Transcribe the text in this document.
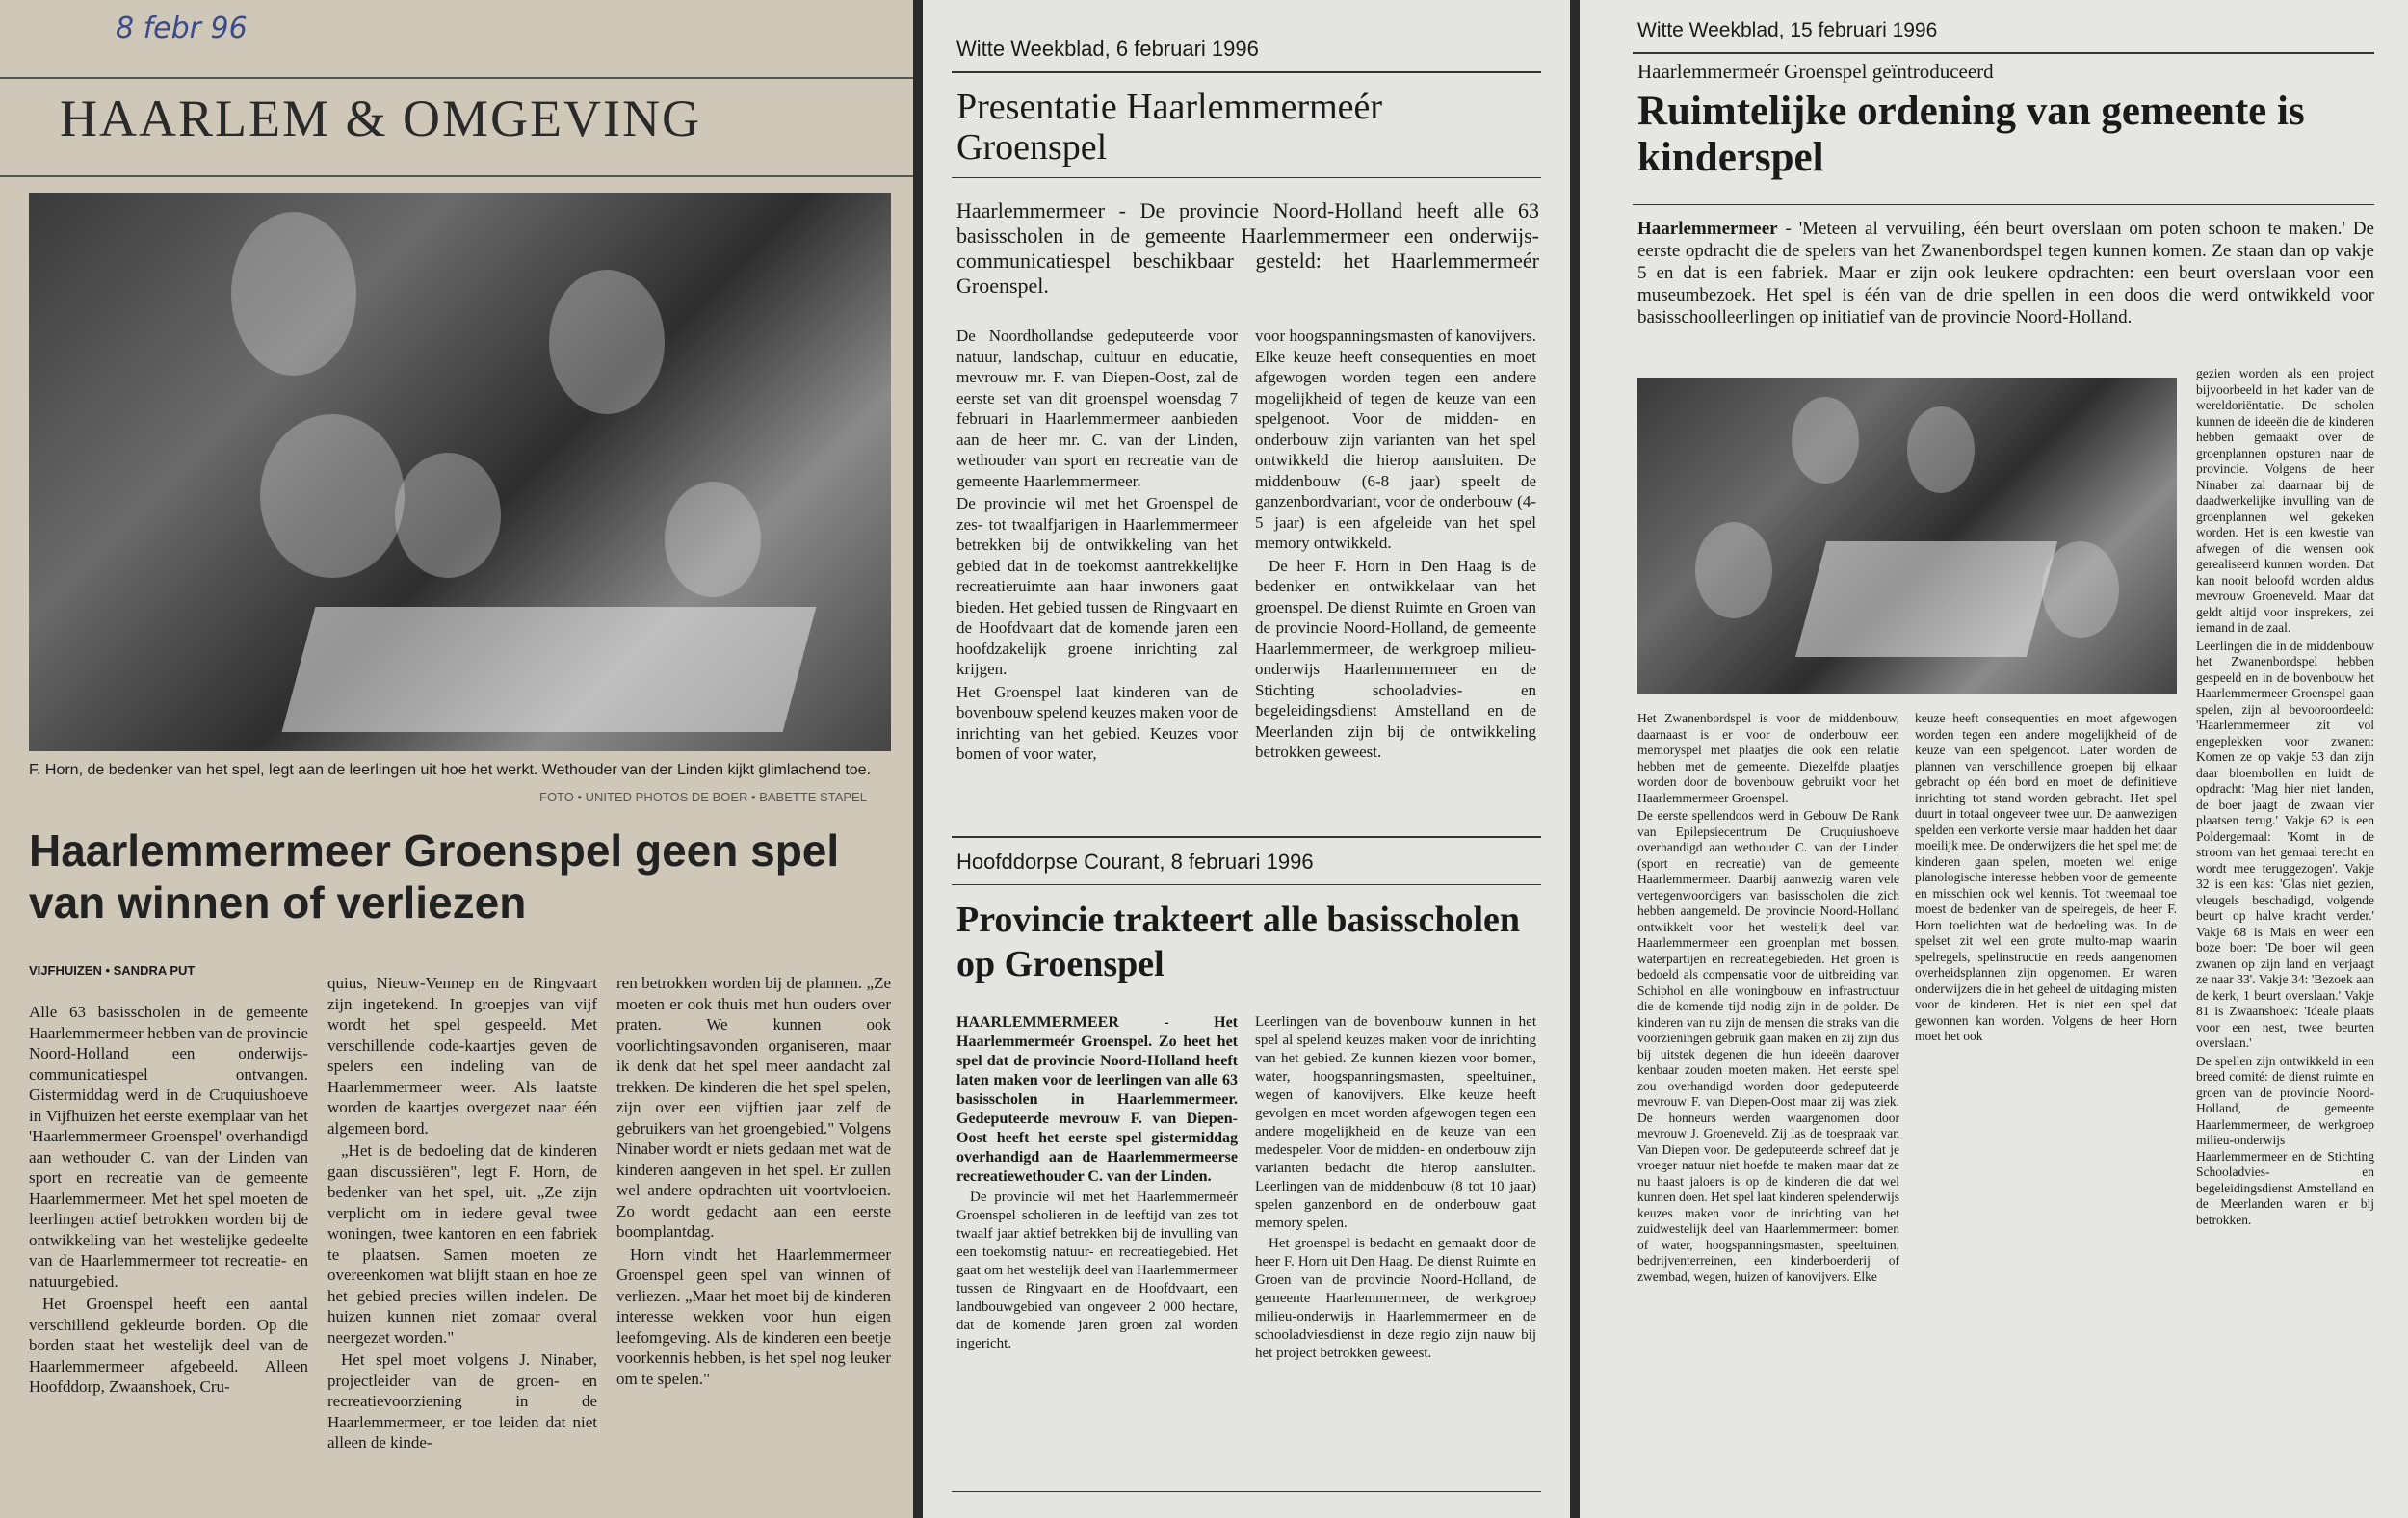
8 febr 96
HAARLEM & OMGEVING
F. Horn, de bedenker van het spel, legt aan de leerlingen uit hoe het werkt. Wethouder van der Linden kijkt glimlachend toe.
FOTO • UNITED PHOTOS DE BOER • BABETTE STAPEL
Haarlemmermeer Groenspel geen spel van winnen of verliezen
VIJFHUIZEN • SANDRA PUT

Alle 63 basisscholen in de gemeente Haarlemmermeer hebben van de provincie Noord-Holland een onderwijs-communicatiespel ontvangen. Gistermiddag werd in de Cruquiushoeve in Vijfhuizen het eerste exemplaar van het 'Haarlemmermeer Groenspel' overhandigd aan wethouder C. van der Linden van sport en recreatie van de gemeente Haarlemmermeer. Met het spel moeten de leerlingen actief betrokken worden bij de ontwikkeling van het westelijke gedeelte van de Haarlemmermeer tot recreatie- en natuurgebied.

Het Groenspel heeft een aantal verschillend gekleurde borden. Op die borden staat het westelijk deel van de Haarlemmermeer afgebeeld. Alleen Hoofddorp, Zwaanshoek, Cru-

quius, Nieuw-Vennep en de Ringvaart zijn ingetekend. In groepjes van vijf wordt het spel gespeeld. Met verschillende code-kaartjes geven de spelers een indeling van de Haarlemmermeer weer. Als laatste worden de kaartjes overgezet naar één algemeen bord.

„Het is de bedoeling dat de kinderen gaan discussiëren", legt F. Horn, de bedenker van het spel, uit. „Ze zijn verplicht om in iedere geval twee woningen, twee kantoren en een fabriek te plaatsen. Samen moeten ze overeenkomen wat blijft staan en hoe ze het gebied precies willen indelen. De huizen kunnen niet zomaar overal neergezet worden."

Het spel moet volgens J. Ninaber, projectleider van de groen- en recreatievoorziening in de Haarlemmermeer, er toe leiden dat niet alleen de kinde-

ren betrokken worden bij de plannen. „Ze moeten er ook thuis met hun ouders over praten. We kunnen ook voorlichtingsavonden organiseren, maar ik denk dat het spel meer aandacht zal trekken. De kinderen die het spel spelen, zijn over een vijftien jaar zelf de gebruikers van het groengebied." Volgens Ninaber wordt er niets gedaan met wat de kinderen aangeven in het spel. Er zullen wel andere opdrachten uit voortvloeien. Zo wordt gedacht aan een eerste boomplantdag.

Horn vindt het Haarlemmermeer Groenspel geen spel van winnen of verliezen. „Maar het moet bij de kinderen interesse wekken voor hun eigen leefomgeving. Als de kinderen een beetje voorkennis hebben, is het spel nog leuker om te spelen."

Witte Weekblad, 6 februari 1996
Presentatie Haarlemmermeér Groenspel
Haarlemmermeer - De provincie Noord-Holland heeft alle 63 basisscholen in de gemeente Haarlemmermeer een onderwijs-communicatiespel beschikbaar gesteld: het Haarlemmermeér Groenspel.

De Noordhollandse gedeputeerde voor natuur, landschap, cultuur en educatie, mevrouw mr. F. van Diepen-Oost, zal de eerste set van dit groenspel woensdag 7 februari in Haarlemmermeer aanbieden aan de heer mr. C. van der Linden, wethouder van sport en recreatie van de gemeente Haarlemmermeer.

De provincie wil met het Groenspel de zes- tot twaalfjarigen in Haarlemmermeer betrekken bij de ontwikkeling van het gebied dat in de toekomst aantrekkelijke recreatieruimte aan haar inwoners gaat bieden. Het gebied tussen de Ringvaart en de Hoofdvaart dat de komende jaren een hoofdzakelijk groene inrichting zal krijgen.

Het Groenspel laat kinderen van de bovenbouw spelend keuzes maken voor de inrichting van het gebied. Keuzes voor bomen of voor water,

voor hoogspanningsmasten of kanovijvers. Elke keuze heeft consequenties en moet afgewogen worden tegen een andere mogelijkheid of tegen de keuze van een spelgenoot. Voor de midden- en onderbouw zijn varianten van het spel ontwikkeld die hierop aansluiten. De middenbouw (6-8 jaar) speelt de ganzenbordvariant, voor de onderbouw (4-5 jaar) is een afgeleide van het spel memory ontwikkeld.

De heer F. Horn in Den Haag is de bedenker en ontwikkelaar van het groenspel. De dienst Ruimte en Groen van de provincie Noord-Holland, de gemeente Haarlemmermeer, de werkgroep milieu-onderwijs Haarlemmermeer en de Stichting schooladvies- en begeleidingsdienst Amstelland en de Meerlanden zijn bij de ontwikkeling betrokken geweest.

Hoofddorpse Courant, 8 februari 1996
Provincie trakteert alle basisscholen op Groenspel

HAARLEMMERMEER - Het Haarlemmermeér Groenspel. Zo heet het spel dat de provincie Noord-Holland heeft laten maken voor de leerlingen van alle 63 basisscholen in Haarlemmermeer. Gedeputeerde mevrouw F. van Diepen-Oost heeft het eerste spel gistermiddag overhandigd aan de Haarlemmermeerse recreatiewethouder C. van der Linden.

De provincie wil met het Haarlemmermeér Groenspel scholieren in de leeftijd van zes tot twaalf jaar aktief betrekken bij de invulling van een toekomstig natuur- en recreatiegebied. Het gaat om het westelijk deel van Haarlemmermeer tussen de Ringvaart en de Hoofdvaart, een landbouwgebied van ongeveer 2 000 hectare, dat de komende jaren groen zal worden ingericht.

Leerlingen van de bovenbouw kunnen in het spel al spelend keuzes maken voor de inrichting van het gebied. Ze kunnen kiezen voor bomen, water, hoogspanningsmasten, speeltuinen, wegen of kanovijvers. Elke keuze heeft gevolgen en moet worden afgewogen tegen een andere mogelijkheid en de keuze van een medespeler. Voor de midden- en onderbouw zijn varianten bedacht die hierop aansluiten. Leerlingen van de middenbouw (8 tot 10 jaar) spelen ganzenbord en de onderbouw gaat memory spelen.

Het groenspel is bedacht en gemaakt door de heer F. Horn uit Den Haag. De dienst Ruimte en Groen van de provincie Noord-Holland, de gemeente Haarlemmermeer, de werkgroep milieu-onderwijs in Haarlemmermeer en de schooladviesdienst in deze regio zijn nauw bij het project betrokken geweest.

Witte Weekblad, 15 februari 1996
Haarlemmermeér Groenspel geïntroduceerd
Ruimtelijke ordening van gemeente is kinderspel
Haarlemmermeer - 'Meteen al vervuiling, één beurt overslaan om poten schoon te maken.' De eerste opdracht die de spelers van het Zwanenbordspel tegen kunnen komen. Ze staan dan op vakje 5 en dat is een fabriek. Maar er zijn ook leukere opdrachten: een beurt overslaan voor een museumbezoek. Het spel is één van de drie spellen in een doos die werd ontwikkeld voor basisschoolleerlingen op initiatief van de provincie Noord-Holland.

gezien worden als een project bijvoorbeeld in het kader van de wereldoriëntatie. De scholen kunnen de ideeën die de kinderen hebben gemaakt over de groenplannen opsturen naar de provincie. Volgens de heer Ninaber zal daarnaar bij de daadwerkelijke invulling van de groenplannen wel gekeken worden. Het is een kwestie van afwegen of die wensen ook gerealiseerd kunnen worden. Dat kan nooit beloofd worden aldus mevrouw Groeneveld. Maar dat geldt altijd voor insprekers, zei iemand in de zaal.

Leerlingen die in de middenbouw het Zwanenbordspel hebben gespeeld en in de bovenbouw het Haarlemmermeer Groenspel gaan spelen, zijn al bevooroordeeld: 'Haarlemmermeer zit vol engeplekken voor zwanen: Komen ze op vakje 53 dan zijn daar bloembollen en luidt de opdracht: 'Mag hier niet landen, de boer jaagt de zwaan vier plaatsen terug.' Vakje 62 is een Poldergemaal: 'Komt in de stroom van het gemaal terecht en wordt mee teruggezogen'. Vakje 32 is een kas: 'Glas niet gezien, vleugels beschadigd, volgende beurt op halve kracht verder.' Vakje 68 is Mais en weer een boze boer: 'De boer wil geen zwanen op zijn land en verjaagt ze naar 33'. Vakje 34: 'Bezoek aan de kerk, 1 beurt overslaan.' Vakje 81 is Zwaanshoek: 'Ideale plaats voor een nest, twee beurten overslaan.'

De spellen zijn ontwikkeld in een breed comité: de dienst ruimte en groen van de provincie Noord-Holland, de gemeente Haarlemmermeer, de werkgroep milieu-onderwijs Haarlemmermeer en de Stichting Schooladvies- en begeleidingsdienst Amstelland en de Meerlanden waren er bij betrokken.

Het Zwanenbordspel is voor de middenbouw, daarnaast is er voor de onderbouw een memoryspel met plaatjes die ook een relatie hebben met de gemeente. Diezelfde plaatjes worden door de bovenbouw gebruikt voor het Haarlemmermeer Groenspel.

De eerste spellendoos werd in Gebouw De Rank van Epilepsiecentrum De Cruquiushoeve overhandigd aan wethouder C. van der Linden (sport en recreatie) van de gemeente Haarlemmermeer. Daarbij aanwezig waren vele vertegenwoordigers van basisscholen die zich hebben aangemeld. De provincie Noord-Holland ontwikkelt voor het westelijk deel van Haarlemmermeer een groenplan met bossen, waterpartijen en recreatiegebieden. Het groen is bedoeld als compensatie voor de uitbreiding van Schiphol en alle woningbouw en infrastructuur die de komende tijd nodig zijn in de polder. De kinderen van nu zijn de mensen die straks van die voorzieningen gebruik gaan maken en zij zijn dus bij uitstek degenen die hun ideeën daarover kenbaar zouden moeten maken. Het eerste spel zou overhandigd worden door gedeputeerde mevrouw F. van Diepen-Oost maar zij was ziek. De honneurs werden waargenomen door mevrouw J. Groeneveld. Zij las de toespraak van Van Diepen voor. De gedeputeerde schreef dat je vroeger natuur niet hoefde te maken maar dat ze nu haast jaloers is op de kinderen die dat wel kunnen doen. Het spel laat kinderen spelenderwijs keuzes maken voor de inrichting van het zuidwestelijk deel van Haarlemmermeer: bomen of water, hoogspanningsmasten, speeltuinen, bedrijventerreinen, een kinderboerderij of zwembad, wegen, huizen of kanovijvers. Elke

keuze heeft consequenties en moet afgewogen worden tegen een andere mogelijkheid of de keuze van een spelgenoot. Later worden de plannen van verschillende groepen bij elkaar gebracht op één bord en moet de definitieve inrichting tot stand worden gebracht. Het spel duurt in totaal ongeveer twee uur. De aanwezigen spelden een verkorte versie maar hadden het daar moeilijk mee. De onderwijzers die het spel met de kinderen gaan spelen, moeten wel enige planologische interesse hebben voor de gemeente en misschien ook wel kennis. Tot tweemaal toe moest de bedenker van de spelregels, de heer F. Horn toelichten wat de bedoeling was. In de spelset zit wel een grote multo-map waarin spelregels, spelinstructie en reeds aangenomen overheidsplannen zijn opgenomen. Er waren onderwijzers die in het geheel de uitdaging misten voor de kinderen. Het is niet een spel dat gewonnen kan worden. Volgens de heer Horn moet het ook
